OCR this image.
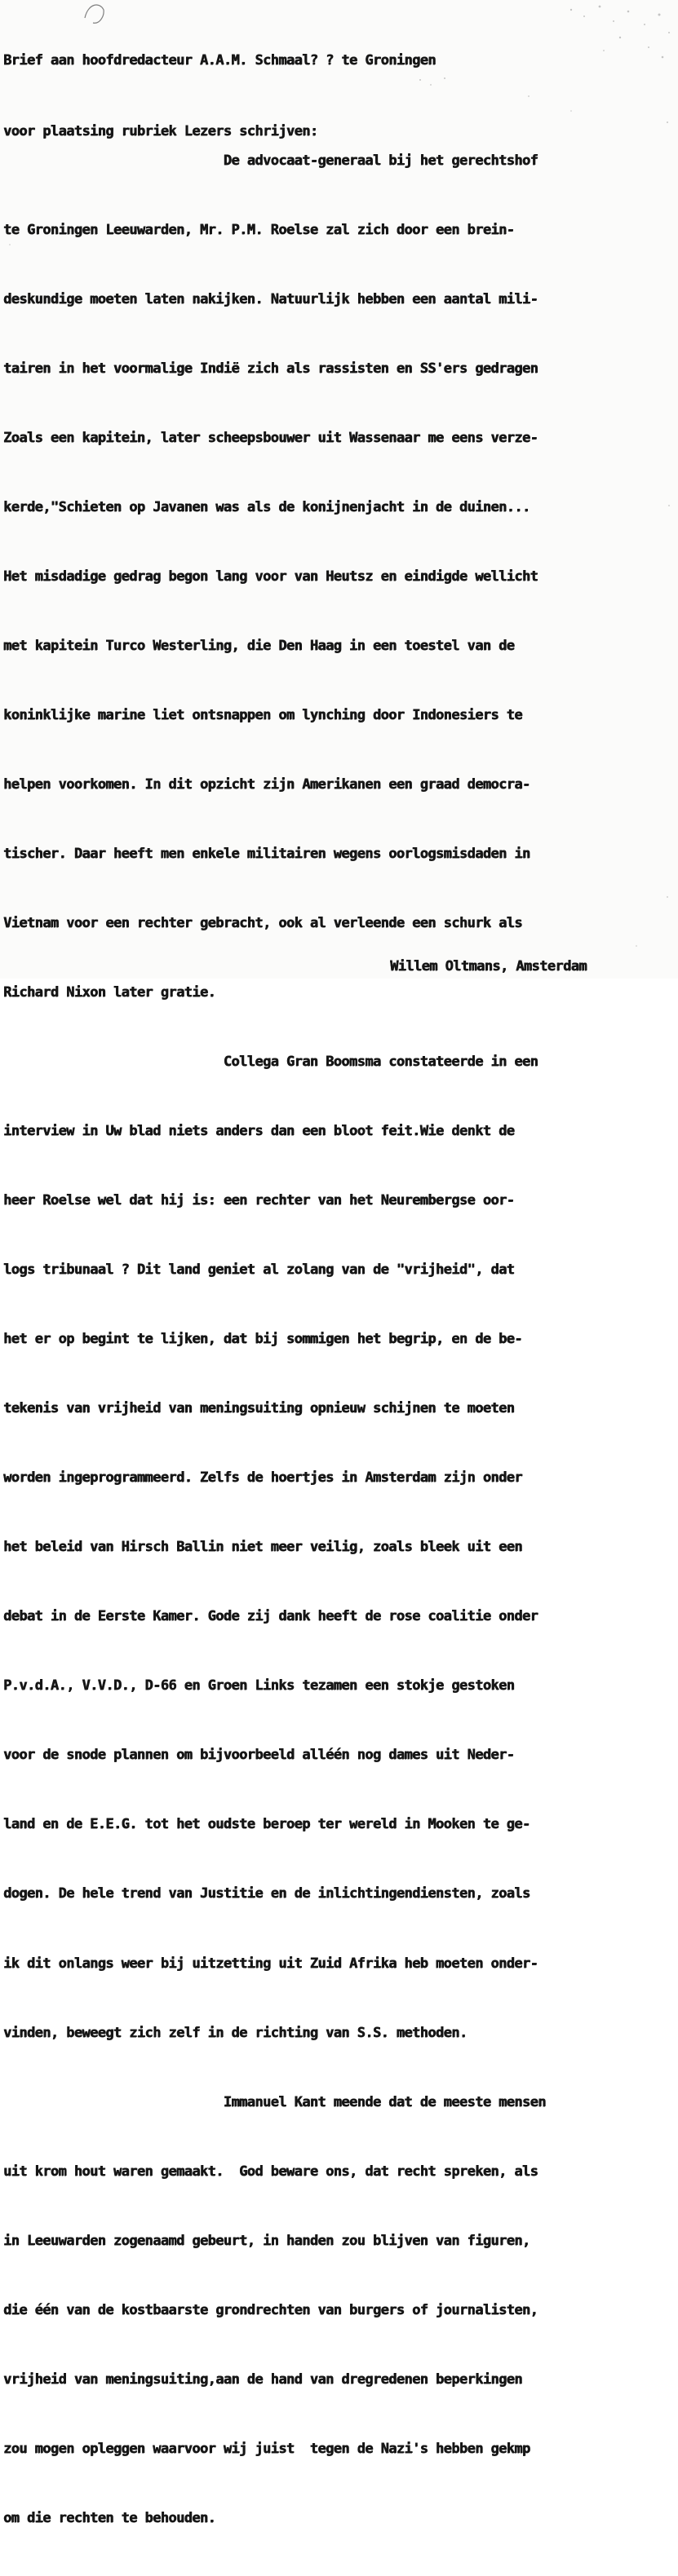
Brief aan hoofdredacteur A.A.M. Schmaal? ? te Groningen

voor plaatsing rubriek Lezers schrijven:

De advocaat-generaal bij het gerechtshof

te Groningen Leeuwarden, Mr. P.M. Roelse zal zich door een brein-

deskundige moeten laten nakijken. Natuurlijk hebben een aantal mili-

tairen in het voormalige Indië zich als rassisten en SS'ers gedragen

Zoals een kapitein, later scheepsbouwer uit Wassenaar me eens verze-

kerde,"Schieten op Javanen was als de konijnenjacht in de duinen...

Het misdadige gedrag begon lang voor van Heutsz en eindigde wellicht

met kapitein Turco Westerling, die Den Haag in een toestel van de

koninklijke marine liet ontsnappen om lynching door Indonesiers te

helpen voorkomen. In dit opzicht zijn Amerikanen een graad democra-

tischer. Daar heeft men enkele militairen wegens oorlogsmisdaden in

Vietnam voor een rechter gebracht, ook al verleende een schurk als

Richard Nixon later gratie.

Collega Gran Boomsma constateerde in een

interview in Uw blad niets anders dan een bloot feit.Wie denkt de

heer Roelse wel dat hij is: een rechter van het Neurembergse oor-

logs tribunaal ? Dit land geniet al zolang van de "vrijheid", dat

het er op begint te lijken, dat bij sommigen het begrip, en de be-

tekenis van vrijheid van meningsuiting opnieuw schijnen te moeten

worden ingeprogrammeerd. Zelfs de hoertjes in Amsterdam zijn onder

het beleid van Hirsch Ballin niet meer veilig, zoals bleek uit een

debat in de Eerste Kamer. Gode zij dank heeft de rose coalitie onder

P.v.d.A., V.V.D., D-66 en Groen Links tezamen een stokje gestoken

voor de snode plannen om bijvoorbeeld alléén nog dames uit Neder-

land en de E.E.G. tot het oudste beroep ter wereld in Mooken te ge-

dogen. De hele trend van Justitie en de inlichtingendiensten, zoals

ik dit onlangs weer bij uitzetting uit Zuid Afrika heb moeten onder-

vinden, beweegt zich zelf in de richting van S.S. methoden.

Immanuel Kant meende dat de meeste mensen

uit krom hout waren gemaakt.  God beware ons, dat recht spreken, als

in Leeuwarden zogenaamd gebeurt, in handen zou blijven van figuren,

die één van de kostbaarste grondrechten van burgers of journalisten,

vrijheid van meningsuiting,aan de hand van dregredenen beperkingen

zou mogen opleggen waarvoor wij juist  tegen de Nazi's hebben gekmp

om die rechten te behouden.

Willem Oltmans, Amsterdam
